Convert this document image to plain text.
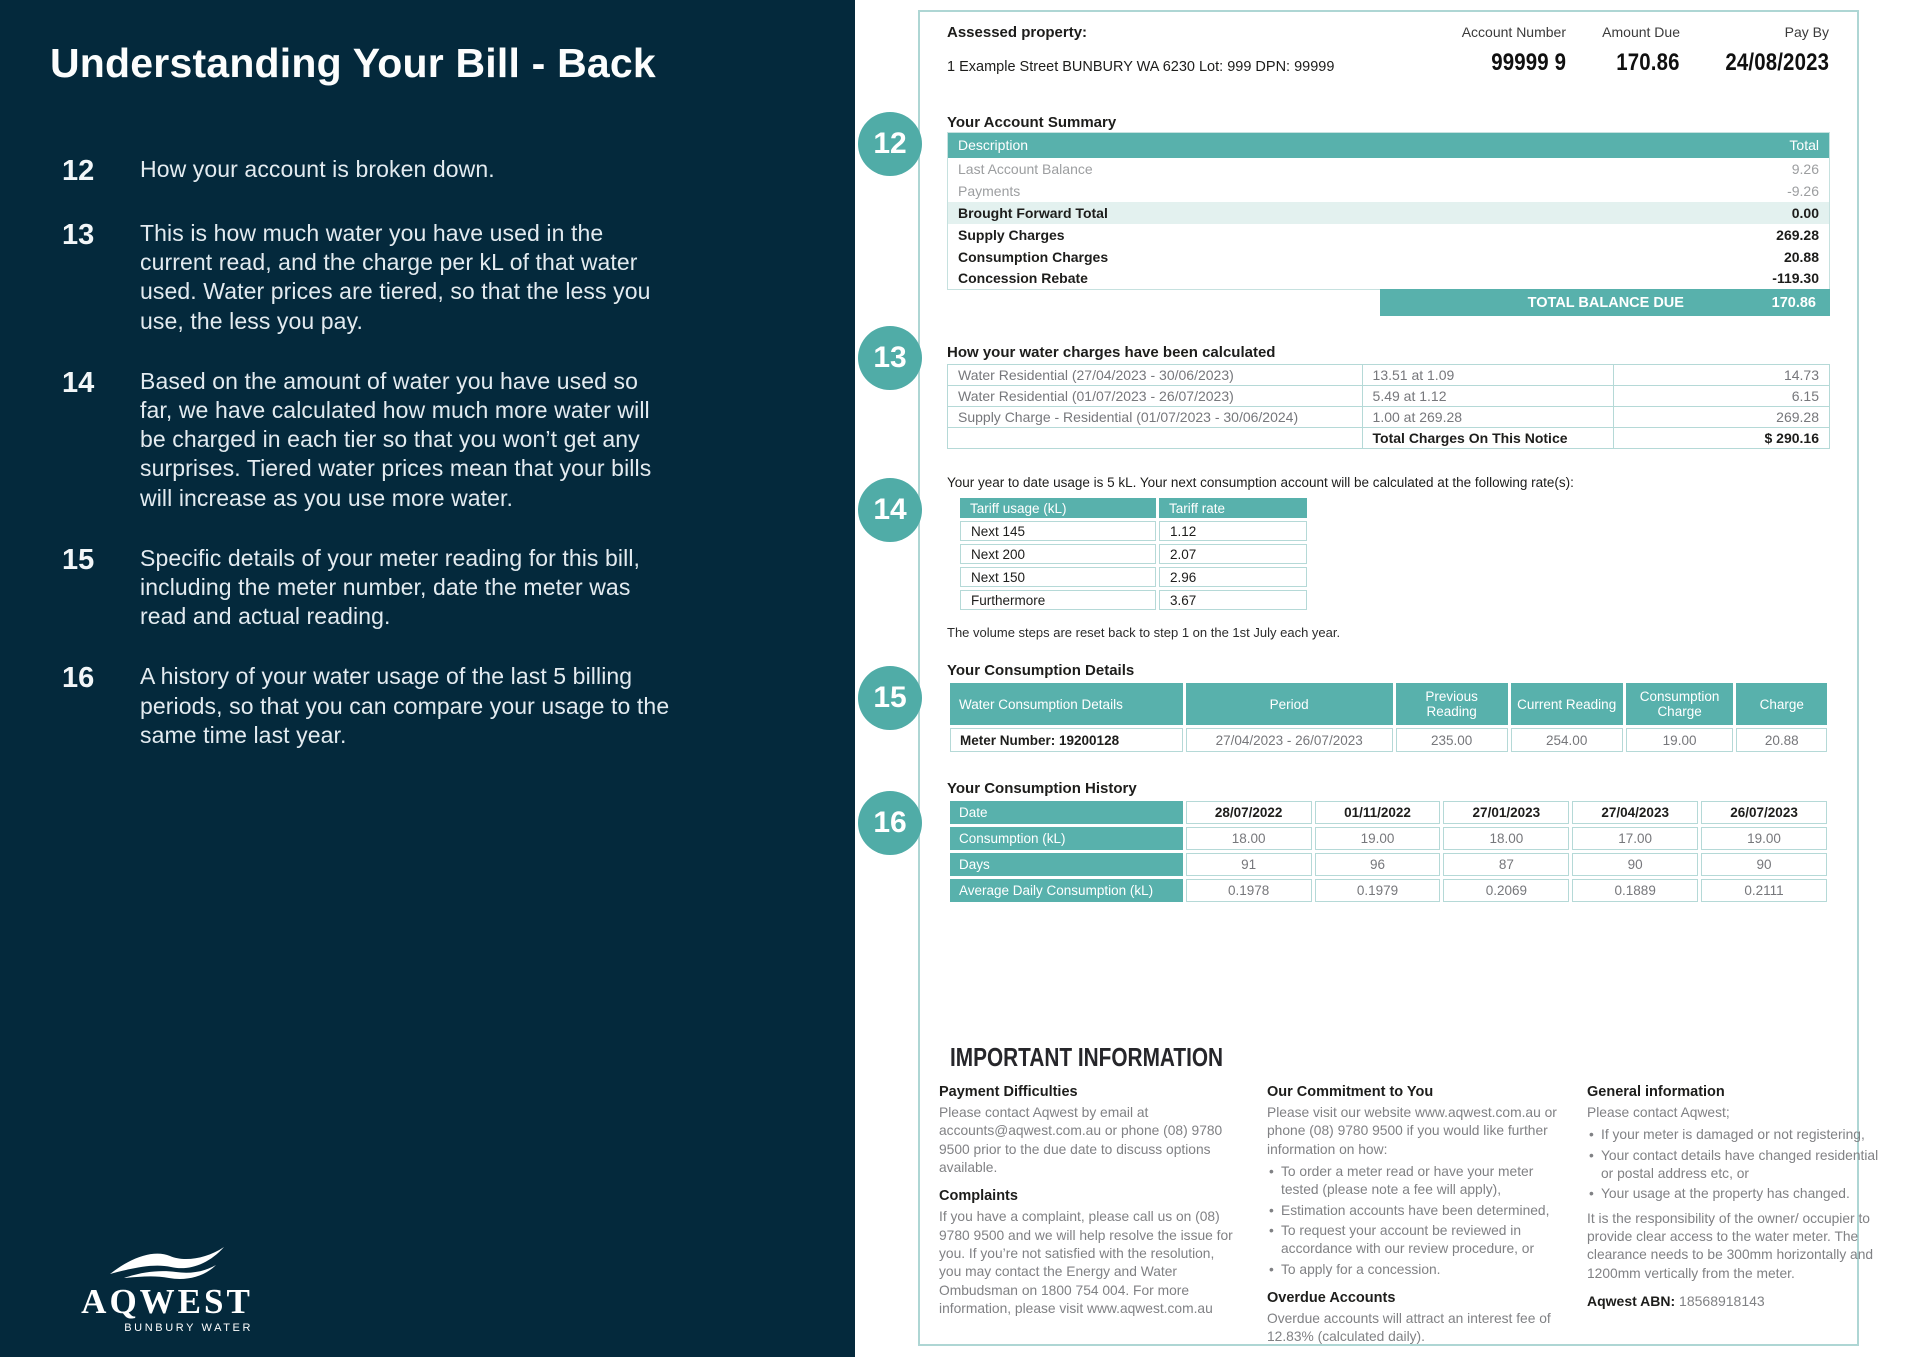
Understanding Your Bill - Back
12	How your account is broken down.
13	This is how much water you have used in the current read, and the charge per kL of that water used. Water prices are tiered, so that the less you use, the less you pay.
14	Based on the amount of water you have used so far, we have calculated how much more water will be charged in each tier so that you won’t get any surprises. Tiered water prices mean that your bills will increase as you use more water.
15	Specific details of your meter reading for this bill, including the meter number, date the meter was read and actual reading.
16	A history of your water usage of the last 5 billing periods, so that you can compare your usage to the same time last year.
AQWEST
BUNBURY WATER
12
13
14
15
16
Assessed property:
1 Example Street BUNBURY WA 6230 Lot: 999 DPN: 99999
Account Number
99999 9
Amount Due
170.86
Pay By
24/08/2023
Your Account Summary
Description	Total
Last Account Balance	9.26
Payments	-9.26
Brought Forward Total	0.00
Supply Charges	269.28
Consumption Charges	20.88
Concession Rebate	-119.30
TOTAL BALANCE DUE	170.86
How your water charges have been calculated
Water Residential (27/04/2023 - 30/06/2023)	13.51 at 1.09	14.73
Water Residential (01/07/2023 - 26/07/2023)	5.49 at 1.12	6.15
Supply Charge - Residential (01/07/2023 - 30/06/2024)	1.00 at 269.28	269.28
	Total Charges On This Notice	$ 290.16
Your year to date usage is 5 kL. Your next consumption account will be calculated at the following rate(s):
Tariff usage (kL)	Tariff rate
Next 145	1.12
Next 200	2.07
Next 150	2.96
Furthermore	3.67
The volume steps are reset back to step 1 on the 1st July each year.
Your Consumption Details
Water Consumption Details	Period	Previous Reading	Current Reading	Consumption Charge	Charge
Meter Number: 19200128	27/04/2023 - 26/07/2023	235.00	254.00	19.00	20.88
Your Consumption History
Date	28/07/2022	01/11/2022	27/01/2023	27/04/2023	26/07/2023
Consumption (kL)	18.00	19.00	18.00	17.00	19.00
Days	91	96	87	90	90
Average Daily Consumption (kL)	0.1978	0.1979	0.2069	0.1889	0.2111
IMPORTANT INFORMATION
Payment Difficulties

Please contact Aqwest by email at accounts@aqwest.com.au or phone (08) 9780 9500 prior to the due date to discuss options available.

Complaints

If you have a complaint, please call us on (08) 9780 9500 and we will help resolve the issue for you. If you’re not satisfied with the resolution, you may contact the Energy and Water Ombudsman on 1800 754 004. For more information, please visit www.aqwest.com.au

Our Commitment to You

Please visit our website www.aqwest.com.au or phone (08) 9780 9500 if you would like further information on how:

• To order a meter read or have your meter tested (please note a fee will apply),
• Estimation accounts have been determined,
• To request your account be reviewed in accordance with our review procedure, or
• To apply for a concession.
Overdue Accounts

Overdue accounts will attract an interest fee of 12.83% (calculated daily).

General information

Please contact Aqwest;

• If your meter is damaged or not registering,
• Your contact details have changed residential or postal address etc, or
• Your usage at the property has changed.

It is the responsibility of the owner/ occupier to provide clear access to the water meter. The clearance needs to be 300mm horizontally and 1200mm vertically from the meter.

Aqwest ABN: 18568918143
